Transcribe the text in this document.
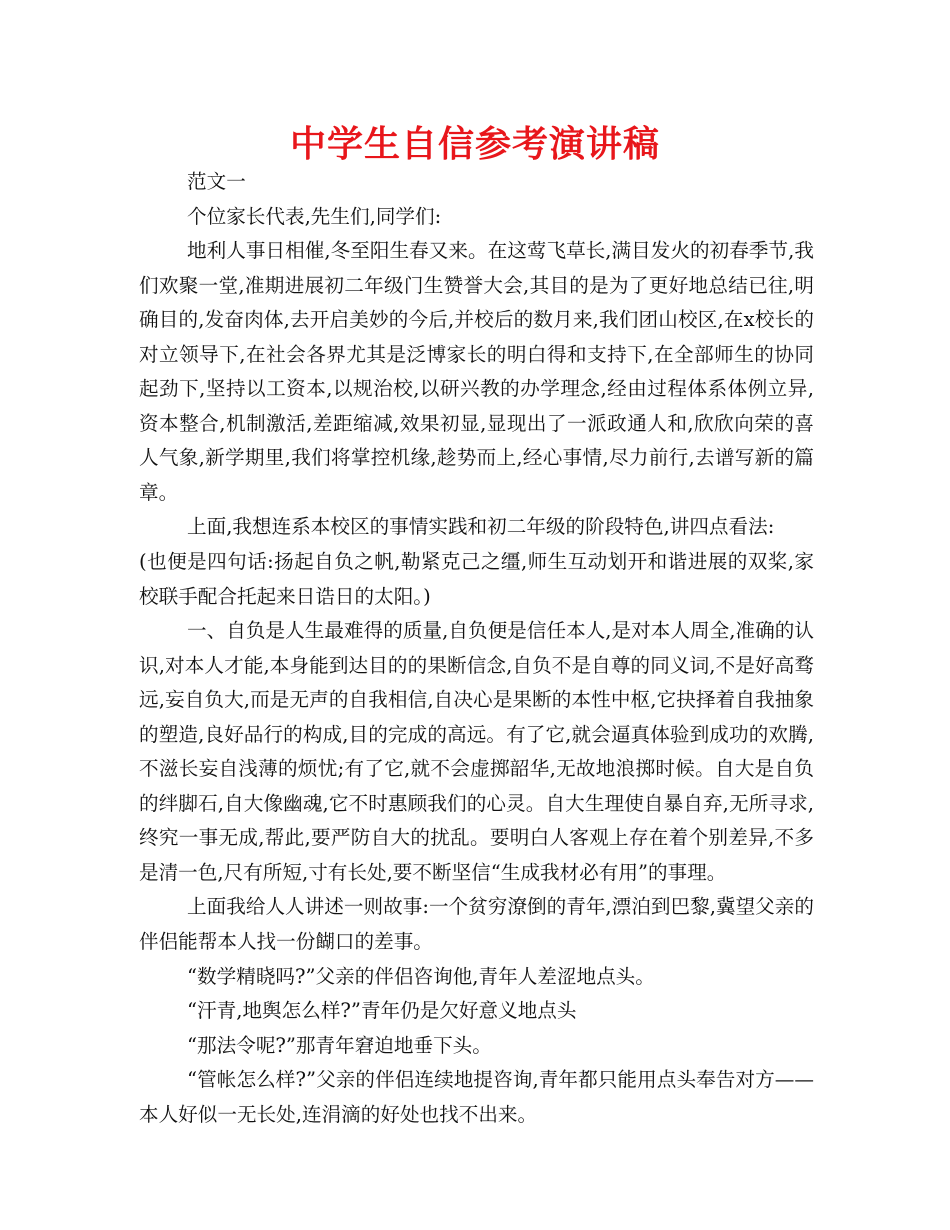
中学生自信参考演讲稿

范文一

个位家长代表,先生们,同学们:

地利人事日相催,冬至阳生春又来。在这莺飞草长,满目发火的初春季节,我们欢聚一堂,准期进展初二年级门生赞誉大会,其目的是为了更好地总结已往,明确目的,发奋肉体,去开启美妙的今后,并校后的数月来,我们团山校区,在x校长的对立领导下,在社会各界尤其是泛博家长的明白得和支持下,在全部师生的协同起劲下,坚持以工资本,以规治校,以研兴教的办学理念,经由过程体系体例立异,资本整合,机制激活,差距缩减,效果初显,显现出了一派政通人和,欣欣向荣的喜人气象,新学期里,我们将掌控机缘,趁势而上,经心事情,尽力前行,去谱写新的篇章。

上面,我想连系本校区的事情实践和初二年级的阶段特色,讲四点看法:

(也便是四句话:扬起自负之帆,勒紧克己之缰,师生互动划开和谐进展的双桨,家校联手配合托起来日诰日的太阳。)

一、自负是人生最难得的质量,自负便是信任本人,是对本人周全,准确的认识,对本人才能,本身能到达目的的果断信念,自负不是自尊的同义词,不是好高骛远,妄自负大,而是无声的自我相信,自决心是果断的本性中枢,它抉择着自我抽象的塑造,良好品行的构成,目的完成的高远。有了它,就会逼真体验到成功的欢腾,不滋长妄自浅薄的烦忧;有了它,就不会虚掷韶华,无故地浪掷时候。自大是自负的绊脚石,自大像幽魂,它不时惠顾我们的心灵。自大生理使自暴自弃,无所寻求,终究一事无成,帮此,要严防自大的扰乱。要明白人客观上存在着个别差异,不多是清一色,尺有所短,寸有长处,要不断坚信“生成我材必有用”的事理。

上面我给人人讲述一则故事:一个贫穷潦倒的青年,漂泊到巴黎,冀望父亲的伴侣能帮本人找一份餬口的差事。

“数学精晓吗?”父亲的伴侣咨询他,青年人差涩地点头。

“汗青,地舆怎么样?”青年仍是欠好意义地点头

“那法令呢?”那青年窘迫地垂下头。

“管帐怎么样?”父亲的伴侣连续地提咨询,青年都只能用点头奉告对方——本人好似一无长处,连涓滴的好处也找不出来。
